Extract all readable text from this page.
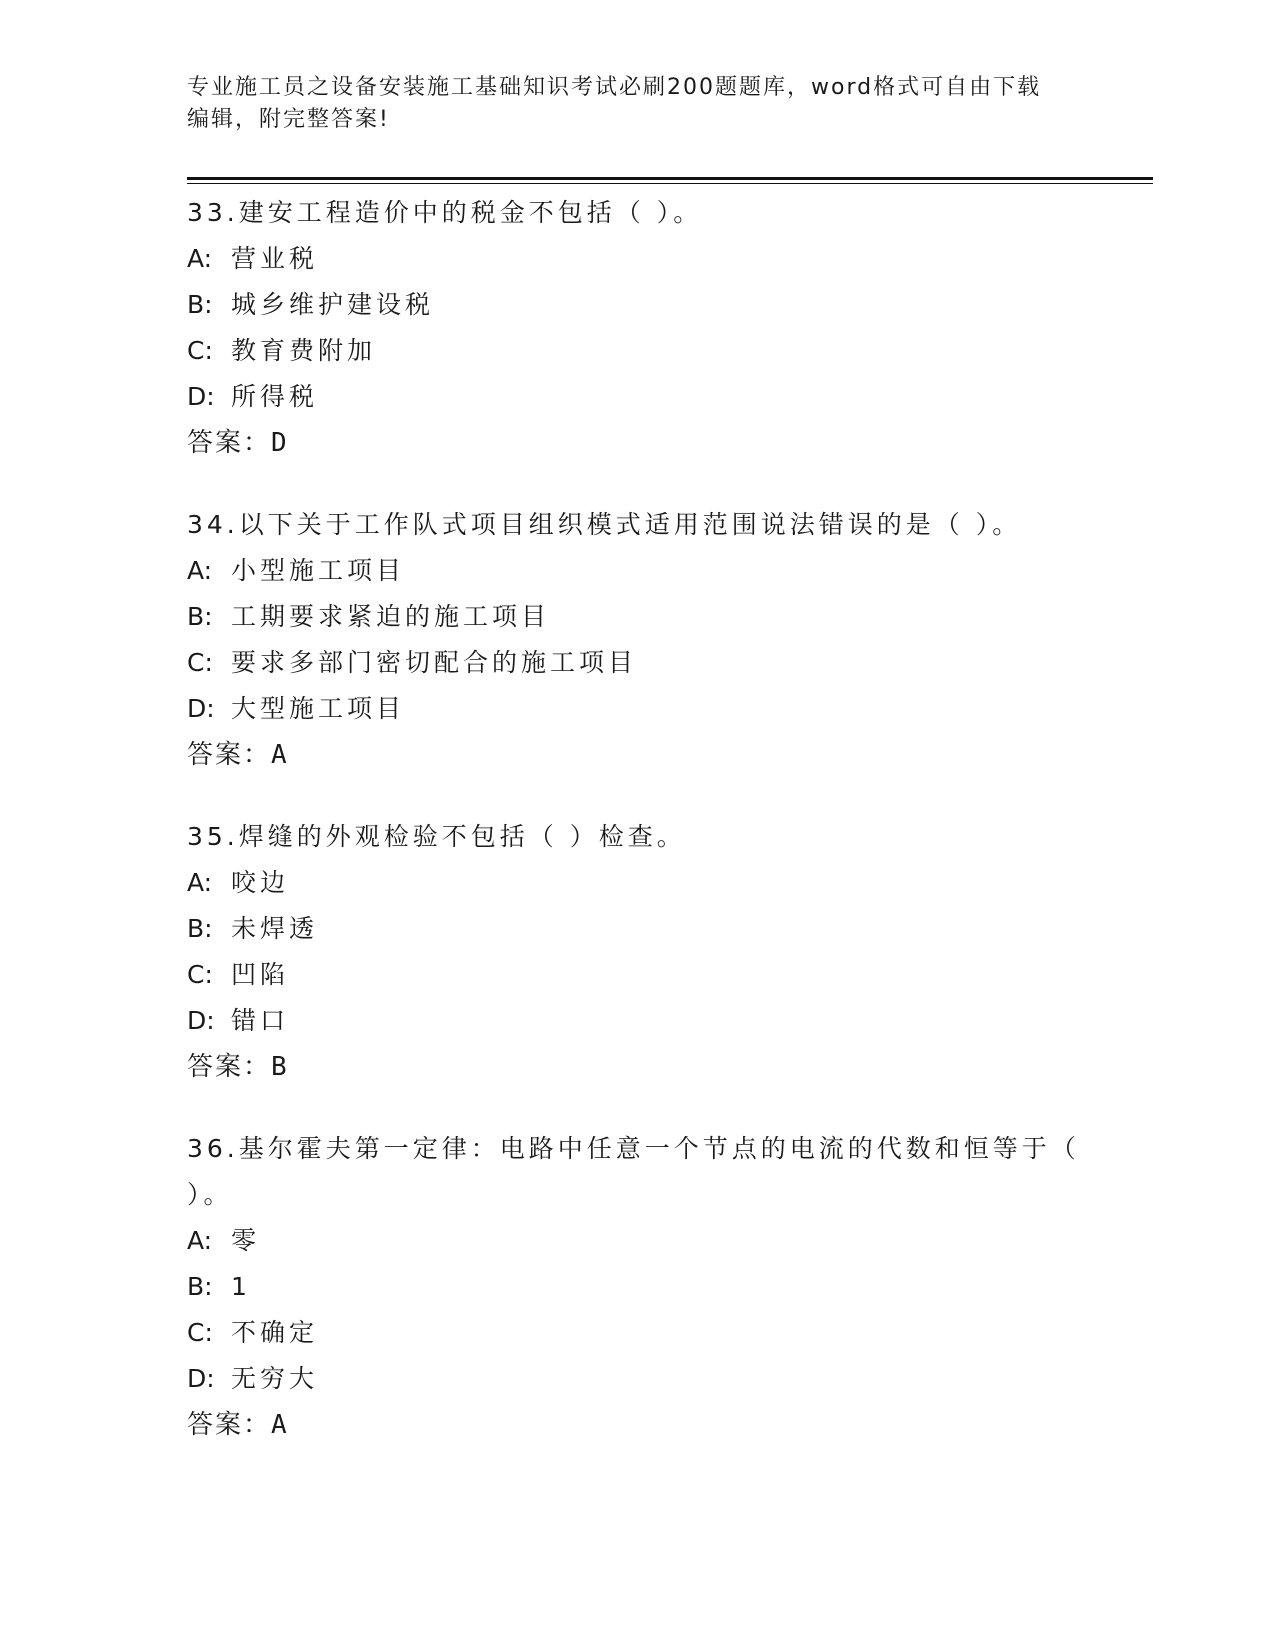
专业施工员之设备安装施工基础知识考试必刷200题题库，word格式可自由下载
编辑，附完整答案!

33.建安工程造价中的税金不包括（ ）。

A: 营业税

B: 城乡维护建设税

C: 教育费附加

D: 所得税

答案：D

34.以下关于工作队式项目组织模式适用范围说法错误的是（ ）。

A: 小型施工项目

B: 工期要求紧迫的施工项目

C: 要求多部门密切配合的施工项目

D: 大型施工项目

答案：A

35.焊缝的外观检验不包括（ ）检查。

A: 咬边

B: 未焊透

C: 凹陷

D: 错口

答案：B

36.基尔霍夫第一定律：电路中任意一个节点的电流的代数和恒等于（ ）。

A: 零

B: 1

C: 不确定

D: 无穷大

答案：A
